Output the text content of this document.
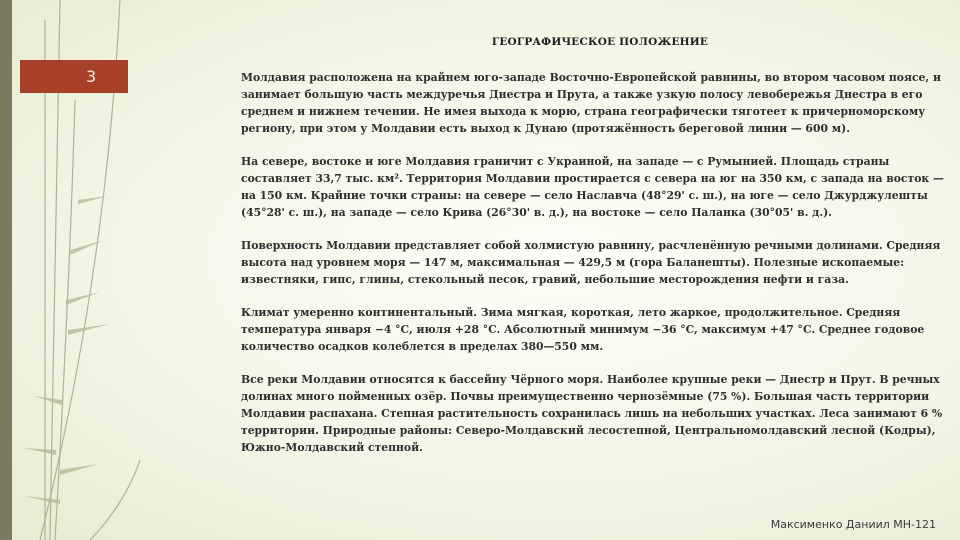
3
ГЕОГРАФИЧЕСКОЕ ПОЛОЖЕНИЕ

Молдавия расположена на крайнем юго-западе Восточно-Европейской равнины, во втором часовом поясе, и занимает большую часть междуречья Днестра и Прута, а также узкую полосу левобережья Днестра в его среднем и нижнем течении. Не имея выхода к морю, страна географически тяготеет к причерноморскому региону, при этом у Молдавии есть выход к Дунаю (протяжённость береговой линии — 600 м).

На севере, востоке и юге Молдавия граничит с Украиной, на западе — с Румынией. Площадь страны составляет 33,7 тыс. км². Территория Молдавии простирается с севера на юг на 350 км, с запада на восток — на 150 км. Крайние точки страны: на севере — село Наславча (48°29' с. ш.), на юге — село Джурджулешты (45°28' с. ш.), на западе — село Крива (26°30' в. д.), на востоке — село Паланка (30°05' в. д.).

Поверхность Молдавии представляет собой холмистую равнину, расчленённую речными долинами. Средняя высота над уровнем моря — 147 м, максимальная — 429,5 м (гора Баланешты). Полезные ископаемые: известняки, гипс, глины, стекольный песок, гравий, небольшие месторождения нефти и газа.

Климат умеренно континентальный. Зима мягкая, короткая, лето жаркое, продолжительное. Средняя температура января −4 °C, июля +28 °C. Абсолютный минимум −36 °C, максимум +47 °C. Среднее годовое количество осадков колеблется в пределах 380—550 мм.

Все реки Молдавии относятся к бассейну Чёрного моря. Наиболее крупные реки — Днестр и Прут. В речных долинах много пойменных озёр. Почвы преимущественно чернозёмные (75 %). Большая часть территории Молдавии распахана. Степная растительность сохранилась лишь на небольших участках. Леса занимают 6 % территории. Природные районы: Северо-Молдавский лесостепной, Центральномолдавский лесной (Кодры), Южно-Молдавский степной.

Максименко Даниил МН-121
